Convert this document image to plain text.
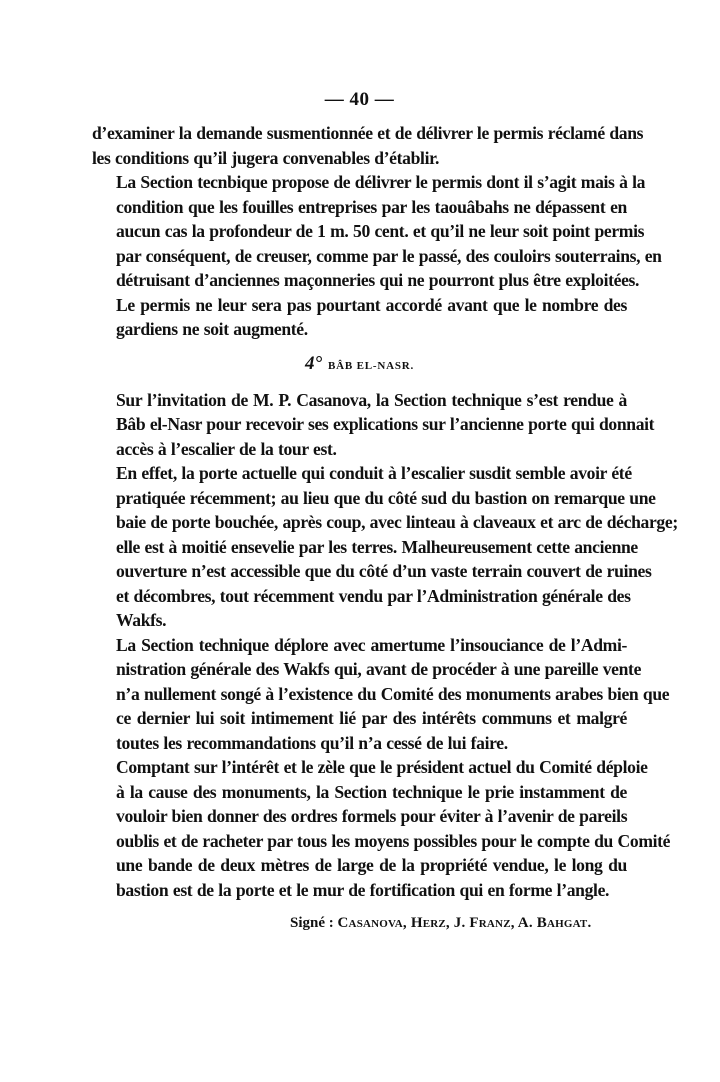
— 40 —
d’examiner la demande susmentionnée et de délivrer le permis réclamé dans
les conditions qu’il jugera convenables d’établir.
La Section tecnbique propose de délivrer le permis dont il s’agit mais à la
condition que les fouilles entreprises par les taouâbahs ne dépassent en
aucun cas la profondeur de 1 m. 50 cent. et qu’il ne leur soit point permis
par conséquent, de creuser, comme par le passé, des couloirs souterrains, en
détruisant d’anciennes maçonneries qui ne pourront plus être exploitées.
Le permis ne leur sera pas pourtant accordé avant que le nombre des
gardiens ne soit augmenté.
4° BÂB EL-NASR.
Sur l’invitation de M. P. Casanova, la Section technique s’est rendue à
Bâb el-Nasr pour recevoir ses explications sur l’ancienne porte qui donnait
accès à l’escalier de la tour est.
En effet, la porte actuelle qui conduit à l’escalier susdit semble avoir été
pratiquée récemment; au lieu que du côté sud du bastion on remarque une
baie de porte bouchée, après coup, avec linteau à claveaux et arc de décharge;
elle est à moitié ensevelie par les terres. Malheureusement cette ancienne
ouverture n’est accessible que du côté d’un vaste terrain couvert de ruines
et décombres, tout récemment vendu par l’Administration générale des
Wakfs.
La Section technique déplore avec amertume l’insouciance de l’Admi-
nistration générale des Wakfs qui, avant de procéder à une pareille vente
n’a nullement songé à l’existence du Comité des monuments arabes bien que
ce dernier lui soit intimement lié par des intérêts communs et malgré
toutes les recommandations qu’il n’a cessé de lui faire.
Comptant sur l’intérêt et le zèle que le président actuel du Comité déploie
à la cause des monuments, la Section technique le prie instamment de
vouloir bien donner des ordres formels pour éviter à l’avenir de pareils
oublis et de racheter par tous les moyens possibles pour le compte du Comité
une bande de deux mètres de large de la propriété vendue, le long du
bastion est de la porte et le mur de fortification qui en forme l’angle.
Signé : Casanova, Herz, J. Franz, A. Bahgat.
